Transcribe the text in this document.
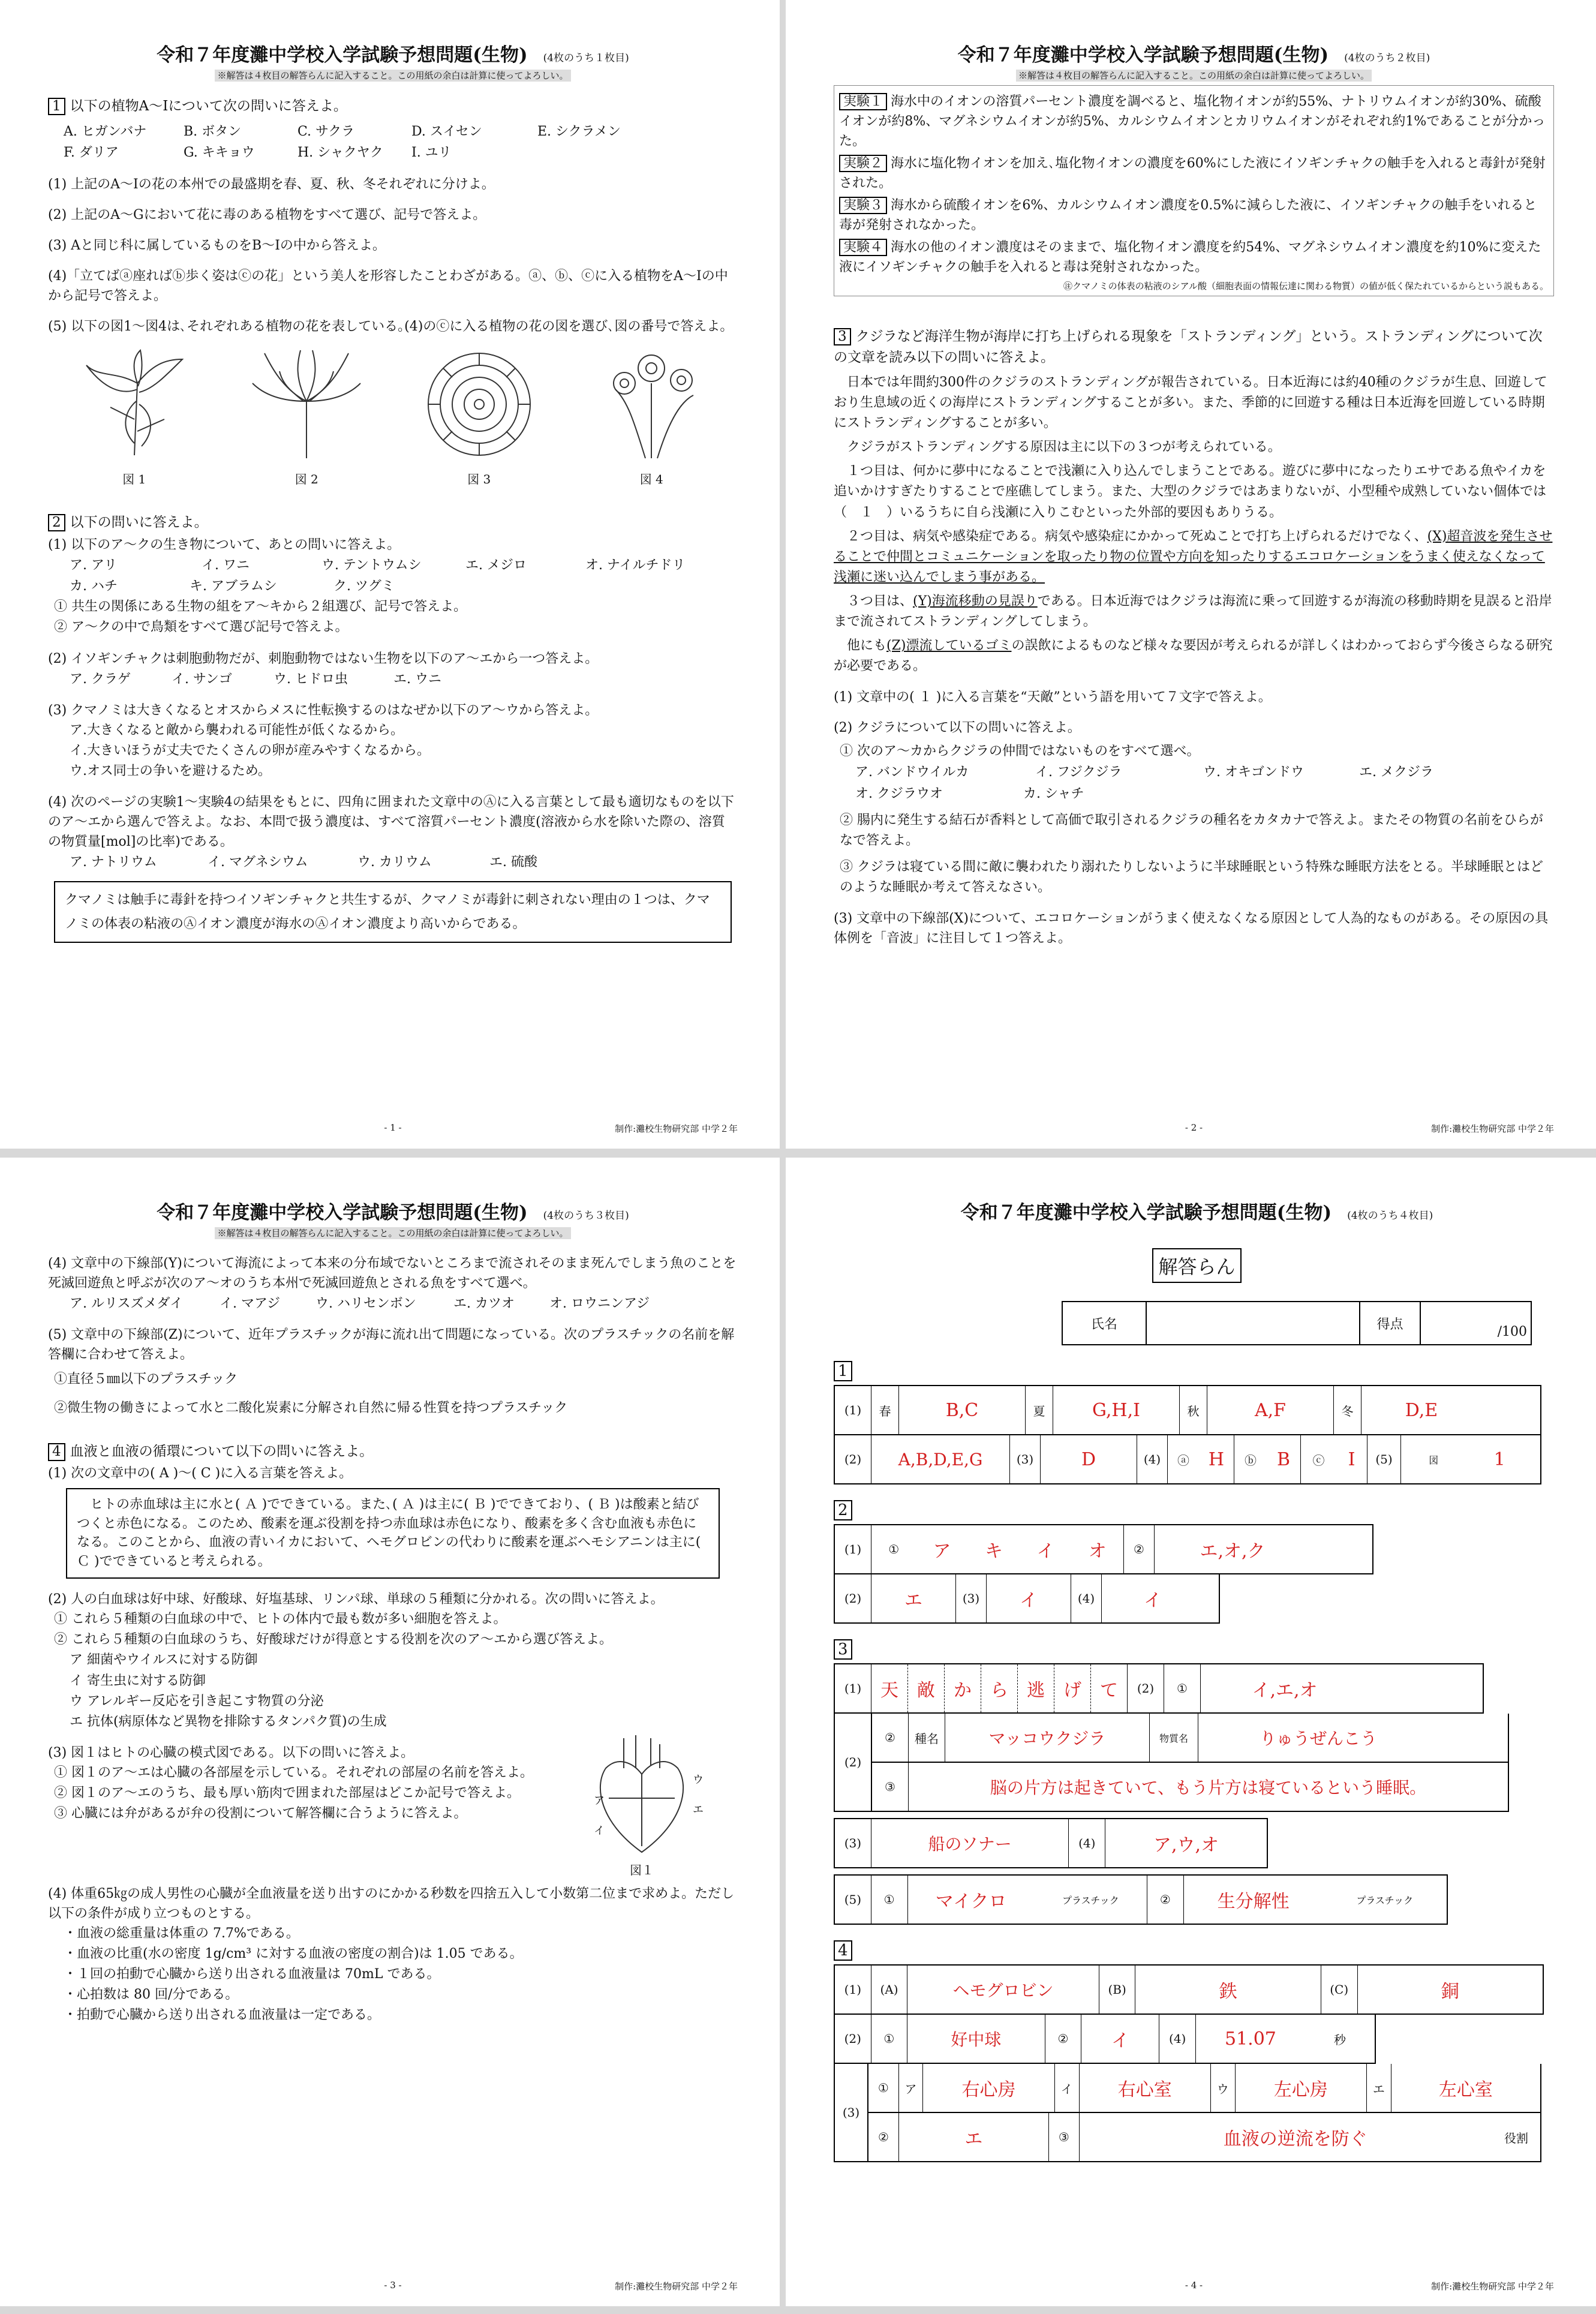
令和７年度灘中学校入学試験予想問題(生物) (4枚のうち１枚目)
※解答は４枚目の解答らんに記入すること。この用紙の余白は計算に使ってよろしい。
1 以下の植物A～Iについて次の問いに答えよ。
A. ヒガンバナ	B. ボタン	C. サクラ	D. スイセン	E. シクラメン
F. ダリア	G. キキョウ	H. シャクヤク	I. ユリ
(1) 上記のA～Iの花の本州での最盛期を春、夏、秋、冬それぞれに分けよ。
(2) 上記のA～Gにおいて花に毒のある植物をすべて選び、記号で答えよ。
(3) Aと同じ科に属しているものをB～Iの中から答えよ。
(4)「立てばⓐ座ればⓑ歩く姿はⓒの花」という美人を形容したことわざがある。ⓐ、ⓑ、ⓒに入る植物をA～Iの中から記号で答えよ。
(5) 以下の図1～図4は､それぞれある植物の花を表している｡(4)のⓒに入る植物の花の図を選び､図の番号で答えよ。
図 1	図 2	図 3	図 4
2 以下の問いに答えよ。
(1) 以下のア～クの生き物について、あとの問いに答えよ。
ア. アリ	イ. ワニ	ウ. テントウムシ	エ. メジロ	オ. ナイルチドリ
カ. ハチ	キ. アブラムシ	ク. ツグミ
① 共生の関係にある生物の組をア～キから２組選び、記号で答えよ。
② ア～クの中で鳥類をすべて選び記号で答えよ。
(2) イソギンチャクは刺胞動物だが、刺胞動物ではない生物を以下のア～エから一つ答えよ。
ア. クラゲ	イ. サンゴ	ウ. ヒドロ虫	エ. ウニ
(3) クマノミは大きくなるとオスからメスに性転換するのはなぜか以下のア～ウから答えよ。
ア.大きくなると敵から襲われる可能性が低くなるから。
イ.大きいほうが丈夫でたくさんの卵が産みやすくなるから。
ウ.オス同士の争いを避けるため。
(4) 次のページの実験1～実験4の結果をもとに、四角に囲まれた文章中のⒶに入る言葉として最も適切なものを以下のア～エから選んで答えよ。なお、本問で扱う濃度は、すべて溶質パーセント濃度(溶液から水を除いた際の、溶質の物質量[mol]の比率)である。
ア. ナトリウム	イ. マグネシウム	ウ. カリウム	エ. 硫酸
クマノミは触手に毒針を持つイソギンチャクと共生するが、クマノミが毒針に刺されない理由の１つは、クマノミの体表の粘液のⒶイオン濃度が海水のⒶイオン濃度より高いからである。
- 1 -	制作:灘校生物研究部 中学２年
令和７年度灘中学校入学試験予想問題(生物) (4枚のうち２枚目)
※解答は４枚目の解答らんに記入すること。この用紙の余白は計算に使ってよろしい。
実験１ 海水中のイオンの溶質パーセント濃度を調べると、塩化物イオンが約55%、ナトリウムイオンが約30%、硫酸イオンが約8%、マグネシウムイオンが約5%、カルシウムイオンとカリウムイオンがそれぞれ約1%であることが分かった。
実験２ 海水に塩化物イオンを加え､塩化物イオンの濃度を60%にした液にイソギンチャクの触手を入れると毒針が発射された。
実験３ 海水から硫酸イオンを6%、カルシウムイオン濃度を0.5%に減らした液に、イソギンチャクの触手をいれると毒が発射されなかった。
実験４ 海水の他のイオン濃度はそのままで、塩化物イオン濃度を約54%、マグネシウムイオン濃度を約10%に変えた液にイソギンチャクの触手を入れると毒は発射されなかった。
㊟クマノミの体表の粘液のシアル酸（細胞表面の情報伝達に関わる物質）の値が低く保たれているからという説もある。
3 クジラなど海洋生物が海岸に打ち上げられる現象を「ストランディング」という。ストランディングについて次の文章を読み以下の問いに答えよ。
日本では年間約300件のクジラのストランディングが報告されている。日本近海には約40種のクジラが生息、回遊しており生息域の近くの海岸にストランディングすることが多い。また、季節的に回遊する種は日本近海を回遊している時期にストランディングすることが多い。
クジラがストランディングする原因は主に以下の３つが考えられている。
１つ目は、何かに夢中になることで浅瀬に入り込んでしまうことである。遊びに夢中になったりエサである魚やイカを追いかけすぎたりすることで座礁してしまう。また、大型のクジラではあまりないが、小型種や成熟していない個体では（　１　）いるうちに自ら浅瀬に入りこむといった外部的要因もありうる。
２つ目は、病気や感染症である。病気や感染症にかかって死ぬことで打ち上げられるだけでなく、(X)超音波を発生させることで仲間とコミュニケーションを取ったり物の位置や方向を知ったりするエコロケーションをうまく使えなくなって浅瀬に迷い込んでしまう事がある。
３つ目は、(Y)海流移動の見誤りである。日本近海ではクジラは海流に乗って回遊するが海流の移動時期を見誤ると沿岸まで流されてストランディングしてしまう。
他にも(Z)漂流しているゴミの誤飲によるものなど様々な要因が考えられるが詳しくはわかっておらず今後さらなる研究が必要である。
(1) 文章中の( １ )に入る言葉を“天敵”という語を用いて７文字で答えよ。
(2) クジラについて以下の問いに答えよ。
① 次のア～カからクジラの仲間ではないものをすべて選べ。
ア. バンドウイルカ	イ. フジクジラ	ウ. オキゴンドウ	エ. メクジラ
オ. クジラウオ	カ. シャチ
② 腸内に発生する結石が香料として高価で取引されるクジラの種名をカタカナで答えよ。またその物質の名前をひらがなで答えよ。
③ クジラは寝ている間に敵に襲われたり溺れたりしないように半球睡眠という特殊な睡眠方法をとる。半球睡眠とはどのような睡眠か考えて答えなさい。
(3) 文章中の下線部(X)について、エコロケーションがうまく使えなくなる原因として人為的なものがある。その原因の具体例を「音波」に注目して１つ答えよ。
- 2 -	制作:灘校生物研究部 中学２年
令和７年度灘中学校入学試験予想問題(生物) (4枚のうち３枚目)
※解答は４枚目の解答らんに記入すること。この用紙の余白は計算に使ってよろしい。
(4) 文章中の下線部(Y)について海流によって本来の分布域でないところまで流されそのまま死んでしまう魚のことを死滅回遊魚と呼ぶが次のア～オのうち本州で死滅回遊魚とされる魚をすべて選べ。
ア. ルリスズメダイ	イ. マアジ	ウ. ハリセンボン	エ. カツオ	オ. ロウニンアジ
(5) 文章中の下線部(Z)について、近年プラスチックが海に流れ出て問題になっている。次のプラスチックの名前を解答欄に合わせて答えよ。
①直径５㎜以下のプラスチック
②微生物の働きによって水と二酸化炭素に分解され自然に帰る性質を持つプラスチック
4 血液と血液の循環について以下の問いに答えよ。
(1) 次の文章中の( A )～( C )に入る言葉を答えよ。
ヒトの赤血球は主に水と( Ａ )でできている。また､( Ａ )は主に( Ｂ )でできており、( Ｂ )は酸素と結びつくと赤色になる。このため、酸素を運ぶ役割を持つ赤血球は赤色になり、酸素を多く含む血液も赤色になる。このことから、血液の青いイカにおいて、ヘモグロビンの代わりに酸素を運ぶヘモシアニンは主に( Ｃ )でできていると考えられる。
(2) 人の白血球は好中球、好酸球、好塩基球、リンパ球、単球の５種類に分かれる。次の問いに答えよ。
① これら５種類の白血球の中で、ヒトの体内で最も数が多い細胞を答えよ。
② これら５種類の白血球のうち、好酸球だけが得意とする役割を次のア～エから選び答えよ。
ア 細菌やウイルスに対する防御
イ 寄生虫に対する防御
ウ アレルギー反応を引き起こす物質の分泌
エ 抗体(病原体など異物を排除するタンパク質)の生成
(3) 図１はヒトの心臓の模式図である。以下の問いに答えよ。
① 図１のア～エは心臓の各部屋を示している。それぞれの部屋の名前を答えよ。
② 図１のア～エのうち、最も厚い筋肉で囲まれた部屋はどこか記号で答えよ。
③ 心臓には弁があるが弁の役割について解答欄に合うように答えよ。
ア
イ
ウ
エ
図１
(4) 体重65㎏の成人男性の心臓が全血液量を送り出すのにかかる秒数を四捨五入して小数第二位まで求めよ。ただし以下の条件が成り立つものとする。
・血液の総重量は体重の 7.7%である。
・血液の比重(水の密度 1g/cm³ に対する血液の密度の割合)は 1.05 である。
・１回の拍動で心臓から送り出される血液量は 70mL である。
・心拍数は 80 回/分である。
・拍動で心臓から送り出される血液量は一定である。
- 3 -	制作:灘校生物研究部 中学２年
令和７年度灘中学校入学試験予想問題(生物) (4枚のうち４枚目)
解答らん
氏名	得点	/100
1
(1)	春	B,C	夏	G,H,I	秋	A,F	冬	D,E
(2)	A,B,D,E,G	(3)	D	(4)	ⓐ H ⓑ B ⓒ I	(5)	図	1
2
(1)	① ア キ イ オ	②	エ,オ,ク
(2)	エ	(3)	イ	(4)	イ
3
(1)	天	敵	か	ら	逃	げ	て	(2)	①	イ,エ,オ
(2)
②	種名	マッコウクジラ	物質名	りゅうぜんこう
③	脳の片方は起きていて、もう片方は寝ているという睡眠。
(3)	船のソナー	(4)	ア,ウ,オ
(5)	①	マイクロ	プラスチック	②	生分解性	プラスチック
4
(1)	(A)	ヘモグロビン	(B)	鉄	(C)	銅
(2)	①	好中球	②	イ	(4)	51.07	秒
(3)
①	ア	右心房	イ	右心室	ウ	左心房	エ	左心室
②	エ	③	血液の逆流を防ぐ	役割
- 4 -	制作:灘校生物研究部 中学２年
